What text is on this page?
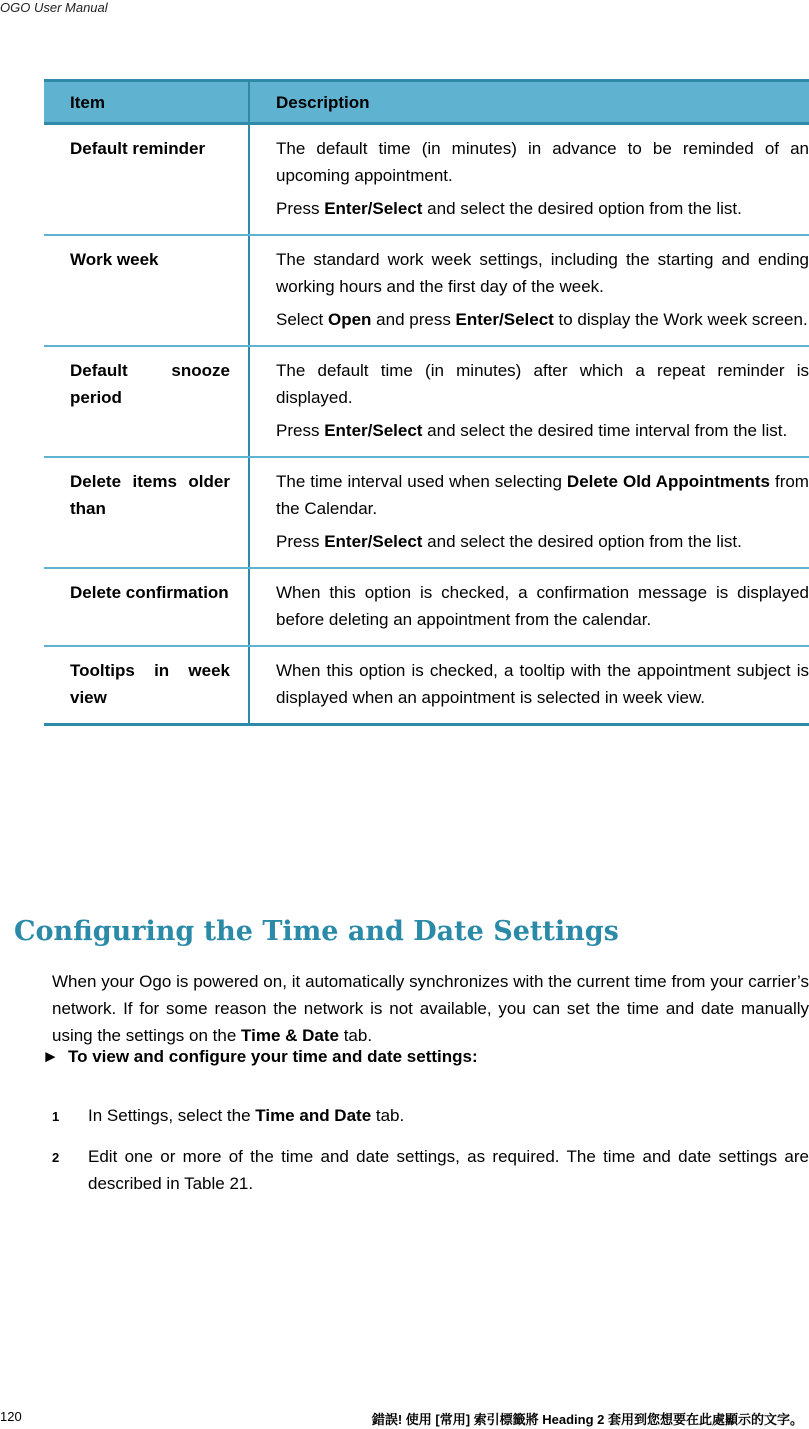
OGO User Manual
Item	Description
Default reminder	The default time (in minutes) in advance to be reminded of an upcoming appointment.

Press Enter/Select and select the desired option from the list.

Work week	The standard work week settings, including the starting and ending working hours and the first day of the week.

Select Open and press Enter/Select to display the Work week screen.

Default snooze period	The default time (in minutes) after which a repeat reminder is displayed.

Press Enter/Select and select the desired time interval from the list.

Delete items older than	The time interval used when selecting Delete Old Appointments from the Calendar.

Press Enter/Select and select the desired option from the list.

Delete confirmation	When this option is checked, a confirmation message is displayed before deleting an appointment from the calendar.

Tooltips in week view	When this option is checked, a tooltip with the appointment subject is displayed when an appointment is selected in week view.

Configuring the Time and Date Settings
When your Ogo is powered on, it automatically synchronizes with the current time from your carrier’s network. If for some reason the network is not available, you can set the time and date manually using the settings on the Time & Date tab.
► To view and configure your time and date settings:
1 In Settings, select the Time and Date tab.
2 Edit one or more of the time and date settings, as required. The time and date settings are described in Table 21.
120	錯誤! 使用 [常用] 索引標籤將 Heading 2 套用到您想要在此處顯示的文字。
